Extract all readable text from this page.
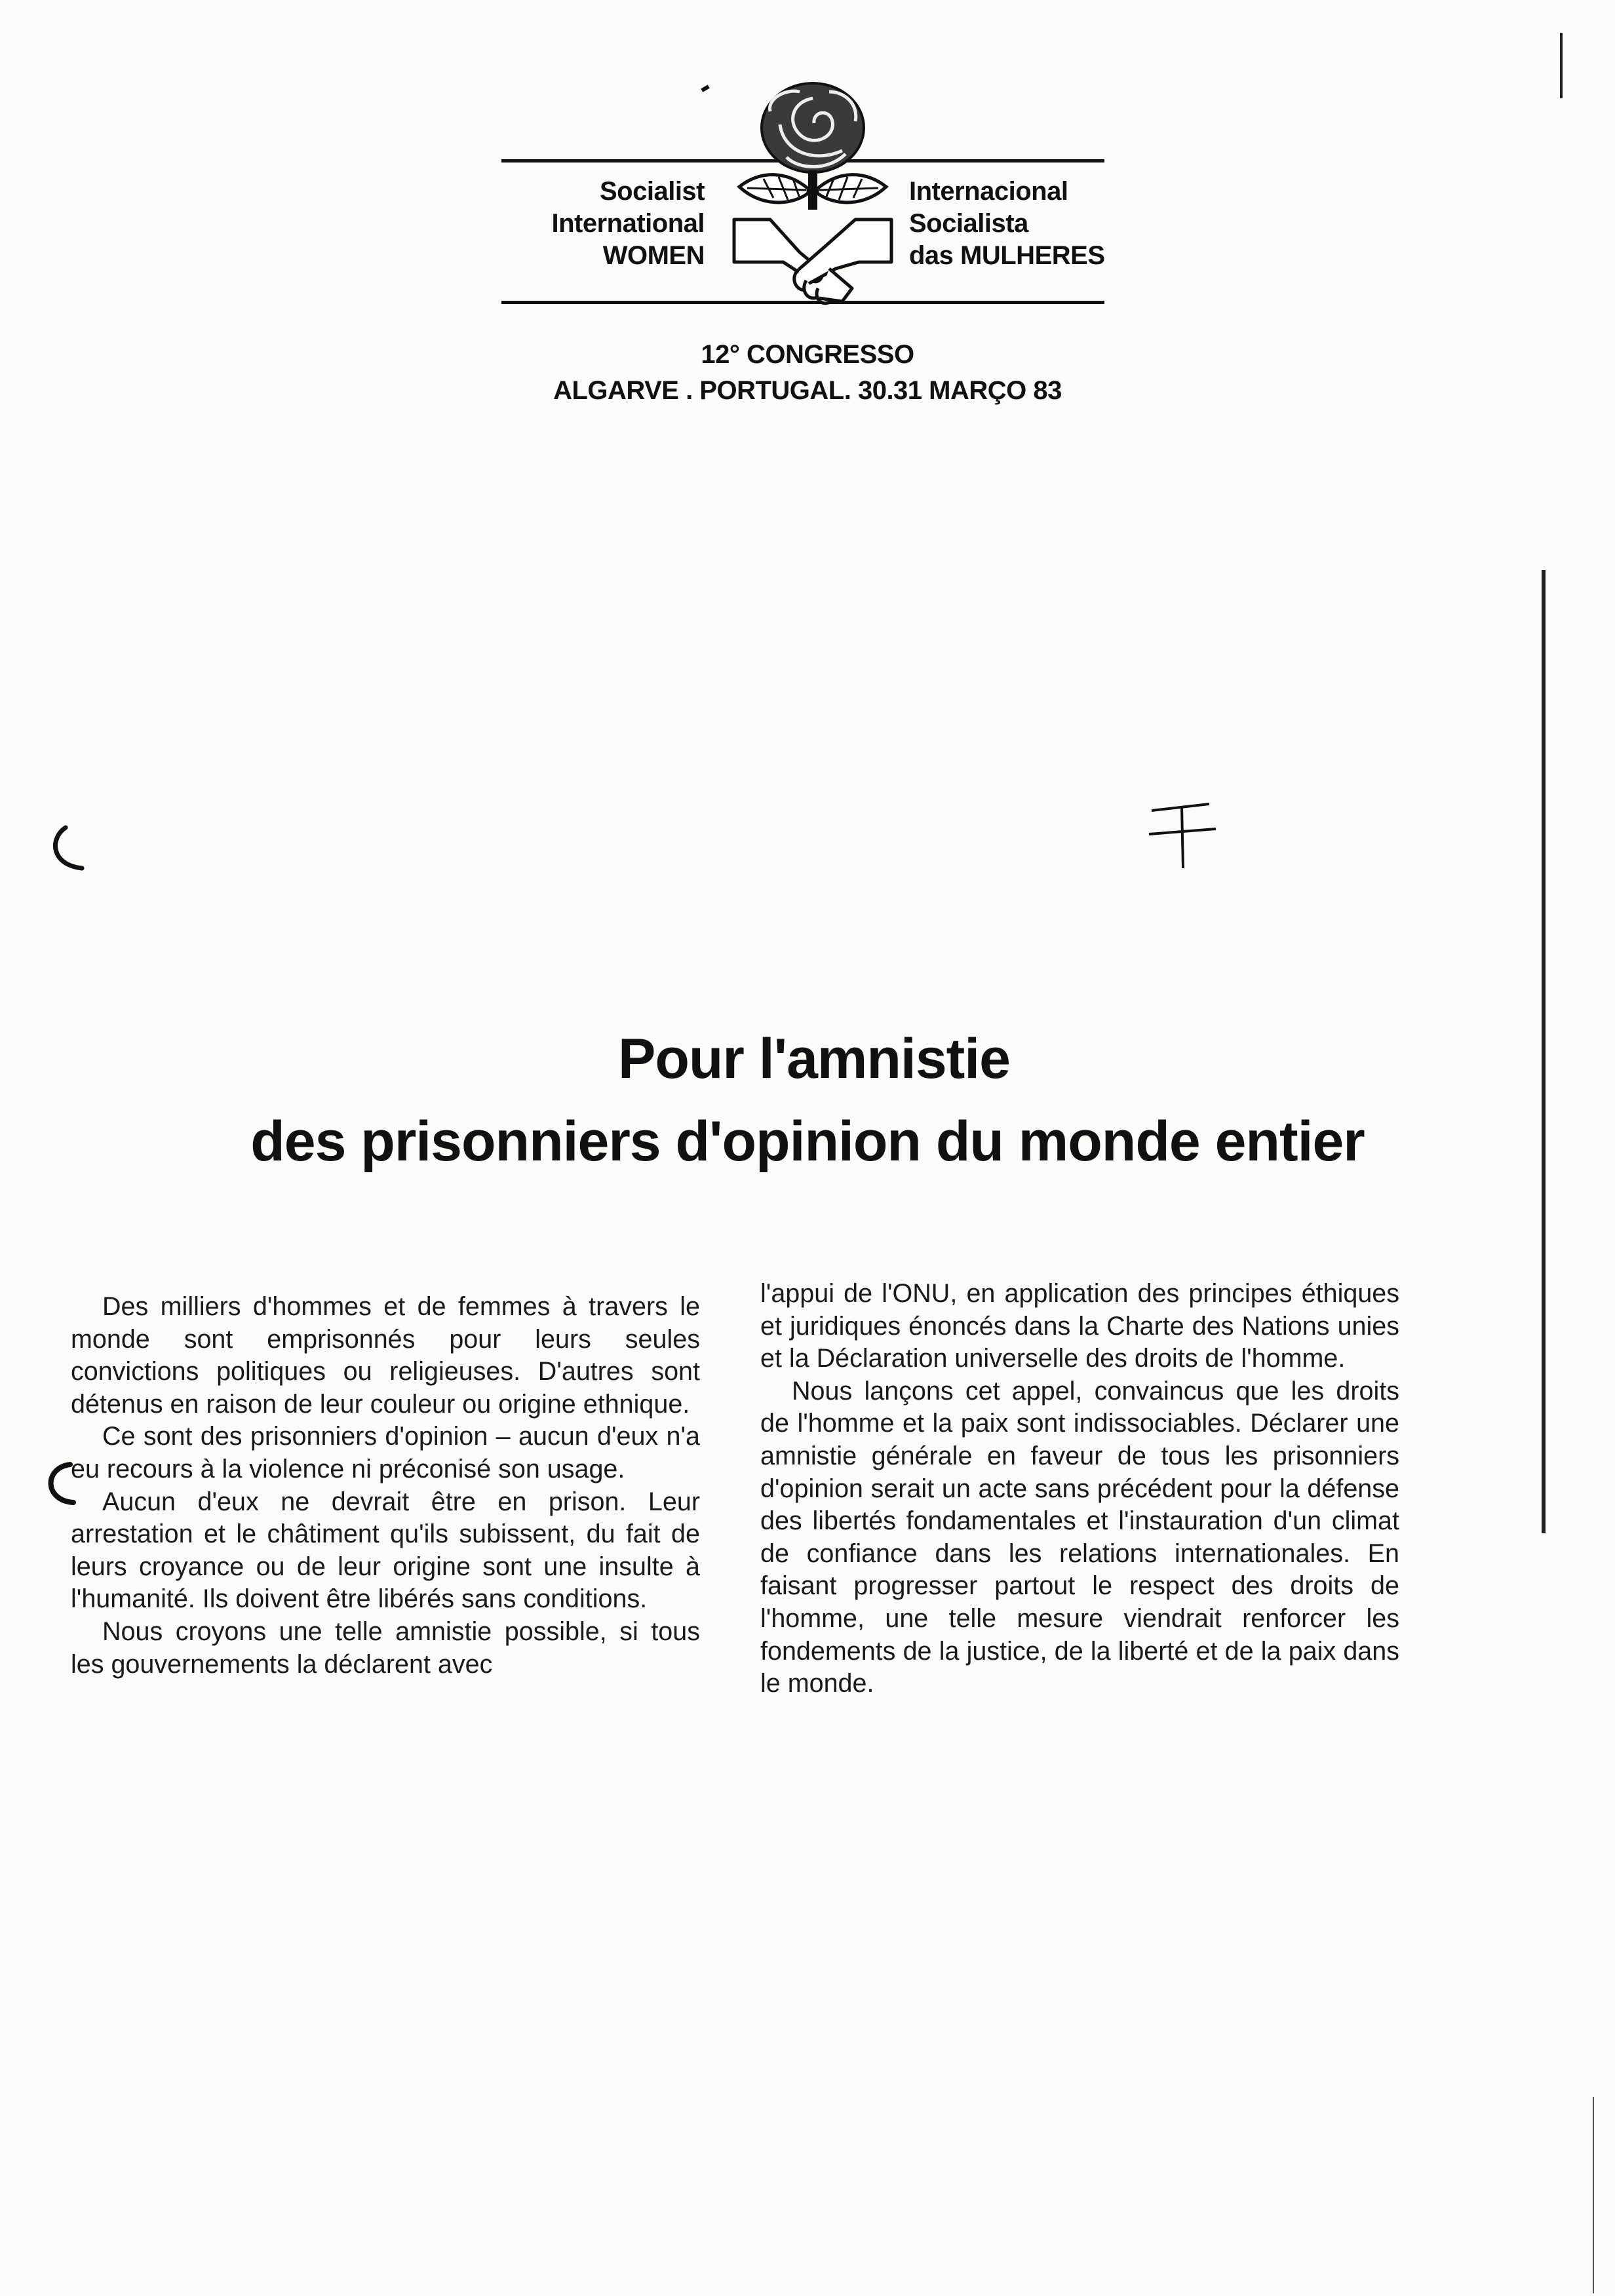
Socialist
International
WOMEN
Internacional
Socialista
das MULHERES
12° CONGRESSO
ALGARVE . PORTUGAL. 30.31 MARÇO 83
Pour l'amnistie
des prisonniers d'opinion du monde entier

Des milliers d'hommes et de femmes à travers le monde sont emprisonnés pour leurs seules convictions politiques ou religieuses. D'autres sont détenus en raison de leur couleur ou origine ethnique.

Ce sont des prisonniers d'opinion – aucun d'eux n'a eu recours à la violence ni préconisé son usage.

Aucun d'eux ne devrait être en prison. Leur arrestation et le châtiment qu'ils subissent, du fait de leurs croyance ou de leur origine sont une insulte à l'humanité. Ils doivent être libérés sans conditions.

Nous croyons une telle amnistie possible, si tous les gouvernements la déclarent avec

l'appui de l'ONU, en application des principes éthiques et juridiques énoncés dans la Charte des Nations unies et la Déclaration universelle des droits de l'homme.

Nous lançons cet appel, convaincus que les droits de l'homme et la paix sont indissociables. Déclarer une amnistie générale en faveur de tous les prisonniers d'opinion serait un acte sans précédent pour la défense des libertés fondamentales et l'instauration d'un climat de confiance dans les relations internationales. En faisant progresser partout le respect des droits de l'homme, une telle mesure viendrait renforcer les fondements de la justice, de la liberté et de la paix dans le monde.
